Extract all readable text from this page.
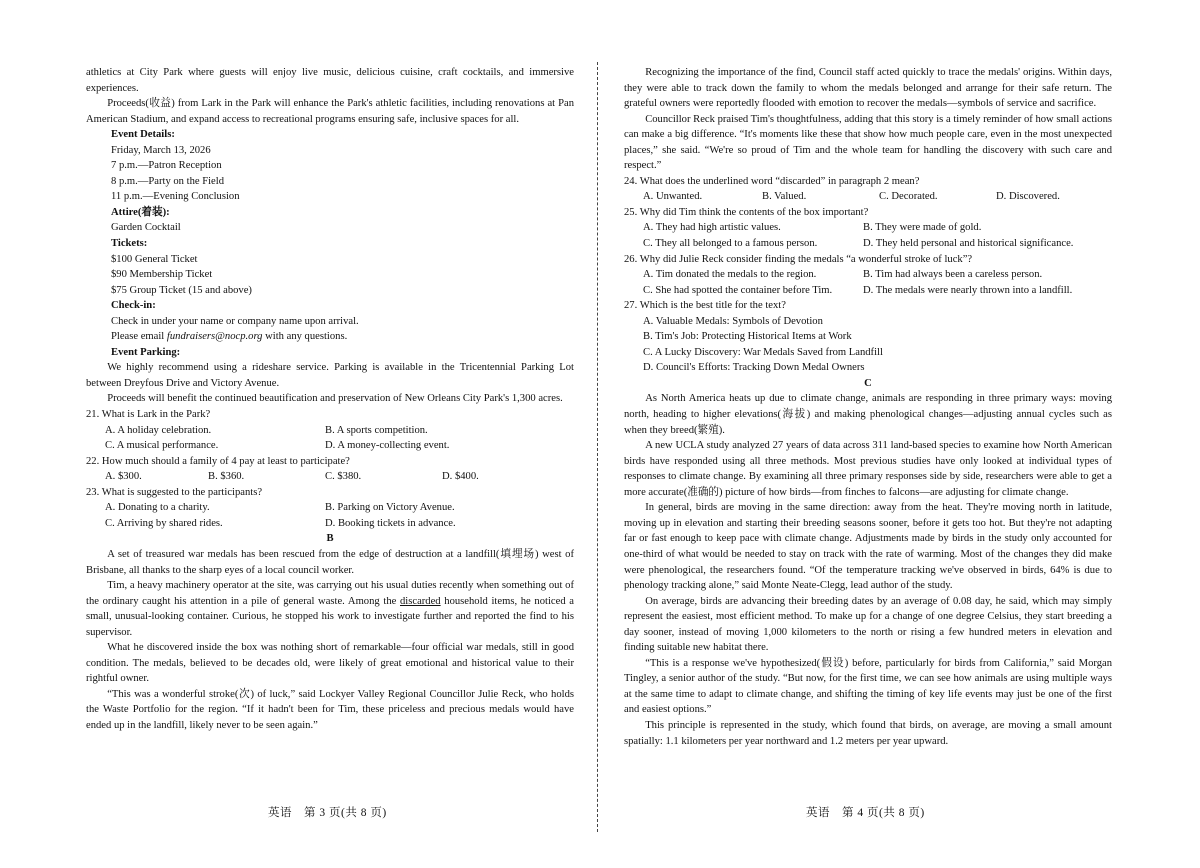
athletics at City Park where guests will enjoy live music, delicious cuisine, craft cocktails, and immersive experiences.

Proceeds(收益) from Lark in the Park will enhance the Park's athletic facilities, including renovations at Pan American Stadium, and expand access to recreational programs ensuring safe, inclusive spaces for all.

Event Details:

Friday, March 13, 2026

7 p.m.—Patron Reception

8 p.m.—Party on the Field

11 p.m.—Evening Conclusion

Attire(着装):

Garden Cocktail

Tickets:

$100 General Ticket

$90 Membership Ticket

$75 Group Ticket (15 and above)

Check-in:

Check in under your name or company name upon arrival.

Please email fundraisers@nocp.org with any questions.

Event Parking:

We highly recommend using a rideshare service. Parking is available in the Tricentennial Parking Lot between Dreyfous Drive and Victory Avenue.

Proceeds will benefit the continued beautification and preservation of New Orleans City Park's 1,300 acres.

21. What is Lark in the Park?

A. A holiday celebration.	B. A sports competition.
C. A musical performance.	D. A money-collecting event.

22. How much should a family of 4 pay at least to participate?

A. $300.	B. $360.	C. $380.	D. $400.

23. What is suggested to the participants?

A. Donating to a charity.	B. Parking on Victory Avenue.
C. Arriving by shared rides.	D. Booking tickets in advance.

B

A set of treasured war medals has been rescued from the edge of destruction at a landfill(填埋场) west of Brisbane, all thanks to the sharp eyes of a local council worker.

Tim, a heavy machinery operator at the site, was carrying out his usual duties recently when something out of the ordinary caught his attention in a pile of general waste. Among the discarded household items, he noticed a small, unusual-looking container. Curious, he stopped his work to investigate further and reported the find to his supervisor.

What he discovered inside the box was nothing short of remarkable—four official war medals, still in good condition. The medals, believed to be decades old, were likely of great emotional and historical value to their rightful owner.

“This was a wonderful stroke(次) of luck,” said Lockyer Valley Regional Councillor Julie Reck, who holds the Waste Portfolio for the region. “If it hadn't been for Tim, these priceless and precious medals would have ended up in the landfill, likely never to be seen again.”

Recognizing the importance of the find, Council staff acted quickly to trace the medals' origins. Within days, they were able to track down the family to whom the medals belonged and arrange for their safe return. The grateful owners were reportedly flooded with emotion to recover the medals—symbols of service and sacrifice.

Councillor Reck praised Tim's thoughtfulness, adding that this story is a timely reminder of how small actions can make a big difference. “It's moments like these that show how much people care, even in the most unexpected places,” she said. “We're so proud of Tim and the whole team for handling the discovery with such care and respect.”

24. What does the underlined word “discarded” in paragraph 2 mean?

A. Unwanted.	B. Valued.	C. Decorated.	D. Discovered.

25. Why did Tim think the contents of the box important?

A. They had high artistic values.	B. They were made of gold.
C. They all belonged to a famous person.	D. They held personal and historical significance.

26. Why did Julie Reck consider finding the medals “a wonderful stroke of luck”?

A. Tim donated the medals to the region.	B. Tim had always been a careless person.
C. She had spotted the container before Tim.	D. The medals were nearly thrown into a landfill.

27. Which is the best title for the text?

A. Valuable Medals: Symbols of Devotion
B. Tim's Job: Protecting Historical Items at Work
C. A Lucky Discovery: War Medals Saved from Landfill
D. Council's Efforts: Tracking Down Medal Owners

C

As North America heats up due to climate change, animals are responding in three primary ways: moving north, heading to higher elevations(海拔) and making phenological changes—adjusting annual cycles such as when they breed(繁殖).

A new UCLA study analyzed 27 years of data across 311 land-based species to examine how North American birds have responded using all three methods. Most previous studies have only looked at individual types of responses to climate change. By examining all three primary responses side by side, researchers were able to get a more accurate(准确的) picture of how birds—from finches to falcons—are adjusting for climate change.

In general, birds are moving in the same direction: away from the heat. They're moving north in latitude, moving up in elevation and starting their breeding seasons sooner, before it gets too hot. But they're not adapting far or fast enough to keep pace with climate change. Adjustments made by birds in the study only accounted for one-third of what would be needed to stay on track with the rate of warming. Most of the changes they did make were phenological, the researchers found. “Of the temperature tracking we've observed in birds, 64% is due to phenology tracking alone,” said Monte Neate-Clegg, lead author of the study.

On average, birds are advancing their breeding dates by an average of 0.08 day, he said, which may simply represent the easiest, most efficient method. To make up for a change of one degree Celsius, they start breeding a day sooner, instead of moving 1,000 kilometers to the north or rising a few hundred meters in elevation and finding suitable new habitat there.

“This is a response we've hypothesized(假设) before, particularly for birds from California,” said Morgan Tingley, a senior author of the study. “But now, for the first time, we can see how animals are using multiple ways at the same time to adapt to climate change, and shifting the timing of key life events may just be one of the first and easiest options.”

This principle is represented in the study, which found that birds, on average, are moving a small amount spatially: 1.1 kilometers per year northward and 1.2 meters per year upward.

英语　第 3 页(共 8 页)	英语　第 4 页(共 8 页)
